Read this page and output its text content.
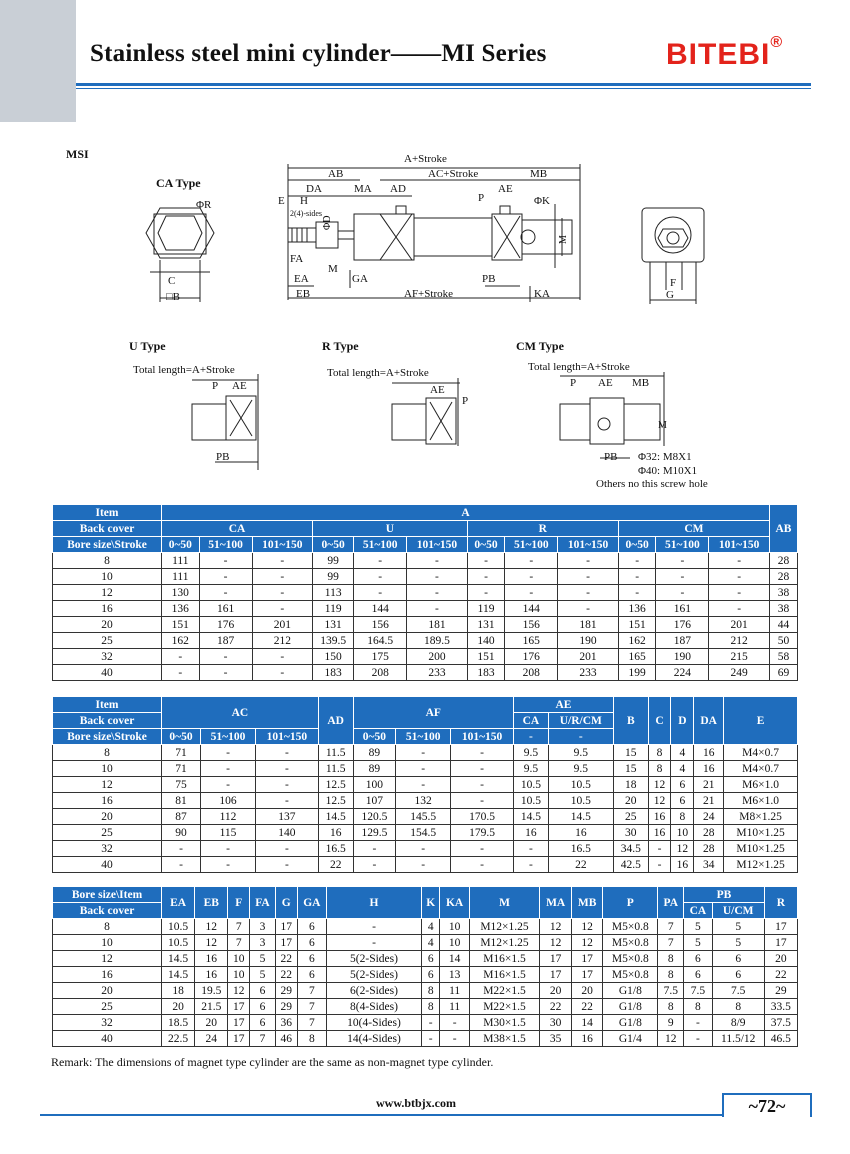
Stainless steel mini cylinder——MI Series	BITEBI®
MSI
CA Type
U Type	R Type	CM Type
A+Stroke
AB	AC+Stroke	MB
DA	MA AD
P
AE
E H
2(4)-sides
ΦD
ΦK
ΦR
M
FA
M
EA	GA	PB
EB	AF+Stroke	KA
C
□B
F
G
Total length=A+Stroke
P AE
PB
Total length=A+Stroke
AE
P
Total length=A+Stroke
P AE MB
M
PB Φ32: M8X1
Φ40: M10X1
Others no this screw hole
Item	A												AB
Back cover	CA			U			R			CM			
Bore size\Stroke	0~50	51~100	101~150	0~50	51~100	101~150	0~50	51~100	101~150	0~50	51~100	101~150	
8	111	-	-	99	-	-	-	-	-	-	-	-	28
10	111	-	-	99	-	-	-	-	-	-	-	-	28
12	130	-	-	113	-	-	-	-	-	-	-	-	38
16	136	161	-	119	144	-	119	144	-	136	161	-	38
20	151	176	201	131	156	181	131	156	181	151	176	201	44
25	162	187	212	139.5	164.5	189.5	140	165	190	162	187	212	50
32	-	-	-	150	175	200	151	176	201	165	190	215	58
40	-	-	-	183	208	233	183	208	233	199	224	249	69
Item	AC			AD	AF			AE		B	C	D	DA	E
Back cover								CA	U/R/CM					
Bore size\Stroke	0~50	51~100	101~150		0~50	51~100	101~150	-	-					
8	71	-	-	11.5	89	-	-	9.5	9.5	15	8	4	16	M4×0.7
10	71	-	-	11.5	89	-	-	9.5	9.5	15	8	4	16	M4×0.7
12	75	-	-	12.5	100	-	-	10.5	10.5	18	12	6	21	M6×1.0
16	81	106	-	12.5	107	132	-	10.5	10.5	20	12	6	21	M6×1.0
20	87	112	137	14.5	120.5	145.5	170.5	14.5	14.5	25	16	8	24	M8×1.25
25	90	115	140	16	129.5	154.5	179.5	16	16	30	16	10	28	M10×1.25
32	-	-	-	16.5	-	-	-	-	16.5	34.5	-	12	28	M10×1.25
40	-	-	-	22	-	-	-	-	22	42.5	-	16	34	M12×1.25
Bore size\Item	EA	EB	F	FA	G	GA	H	K	KA	M	MA	MB	P	PA	PB		R
Back cover															CA	U/CM	
8	10.5	12	7	3	17	6	-	4	10	M12×1.25	12	12	M5×0.8	7	5	5	17
10	10.5	12	7	3	17	6	-	4	10	M12×1.25	12	12	M5×0.8	7	5	5	17
12	14.5	16	10	5	22	6	5(2-Sides)	6	14	M16×1.5	17	17	M5×0.8	8	6	6	20
16	14.5	16	10	5	22	6	5(2-Sides)	6	13	M16×1.5	17	17	M5×0.8	8	6	6	22
20	18	19.5	12	6	29	7	6(2-Sides)	8	11	M22×1.5	20	20	G1/8	7.5	7.5	7.5	29
25	20	21.5	17	6	29	7	8(4-Sides)	8	11	M22×1.5	22	22	G1/8	8	8	8	33.5
32	18.5	20	17	6	36	7	10(4-Sides)	-	-	M30×1.5	30	14	G1/8	9	-	8/9	37.5
40	22.5	24	17	7	46	8	14(4-Sides)	-	-	M38×1.5	35	16	G1/4	12	-	11.5/12	46.5
Remark: The dimensions of magnet type cylinder are the same as non-magnet type cylinder.
www.btbjx.com	~72~
